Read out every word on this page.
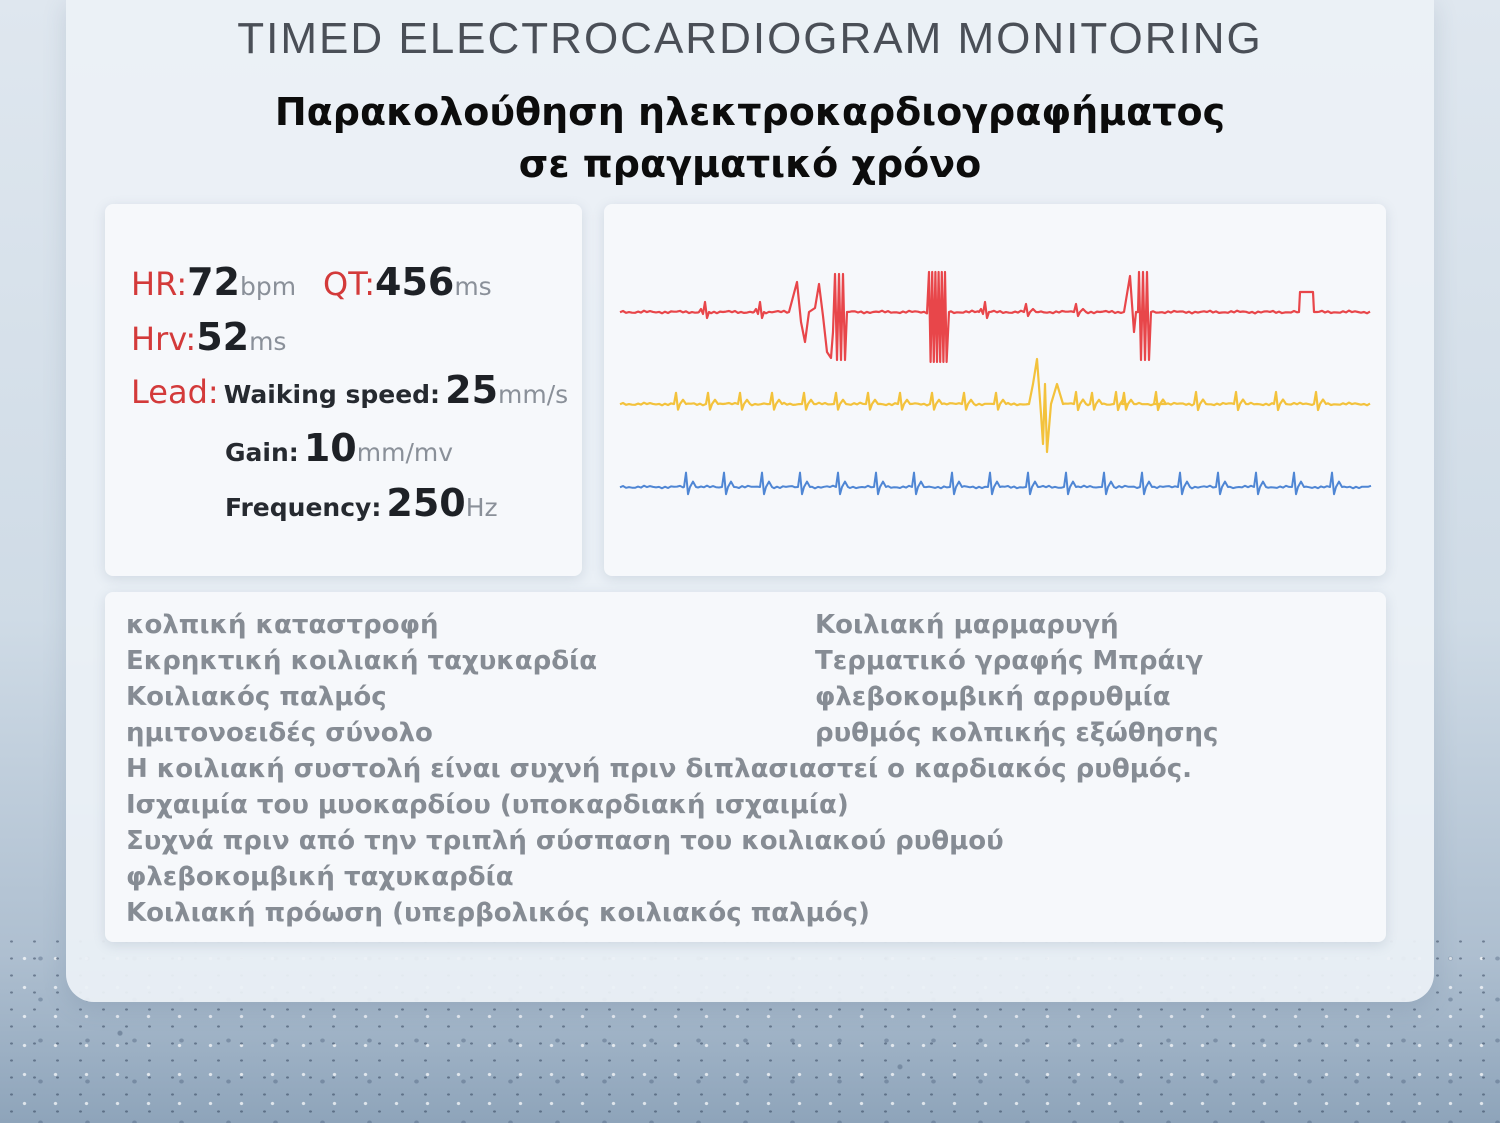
TIMED ELECTROCARDIOGRAM MONITORING
Παρακολούθηση ηλεκτροκαρδιογραφήματος
σε πραγματικό χρόνο
HR:72bpm QT:456ms
Hrv:52ms
Lead: Waiking speed: 25mm/s
Gain: 10mm/mv
Frequency: 250Hz
κολπική καταστροφή
Εκρηκτική κοιλιακή ταχυκαρδία
Κοιλιακός παλμός
ημιτονοειδές σύνολο
Κοιλιακή μαρμαρυγή
Τερματικό γραφής Μπράιγ
φλεβοκομβική αρρυθμία
ρυθμός κολπικής εξώθησης
Η κοιλιακή συστολή είναι συχνή πριν διπλασιαστεί ο καρδιακός ρυθμός.
Ισχαιμία του μυοκαρδίου (υποκαρδιακή ισχαιμία)
Συχνά πριν από την τριπλή σύσπαση του κοιλιακού ρυθμού
φλεβοκομβική ταχυκαρδία
Κοιλιακή πρόωση (υπερβολικός κοιλιακός παλμός)
